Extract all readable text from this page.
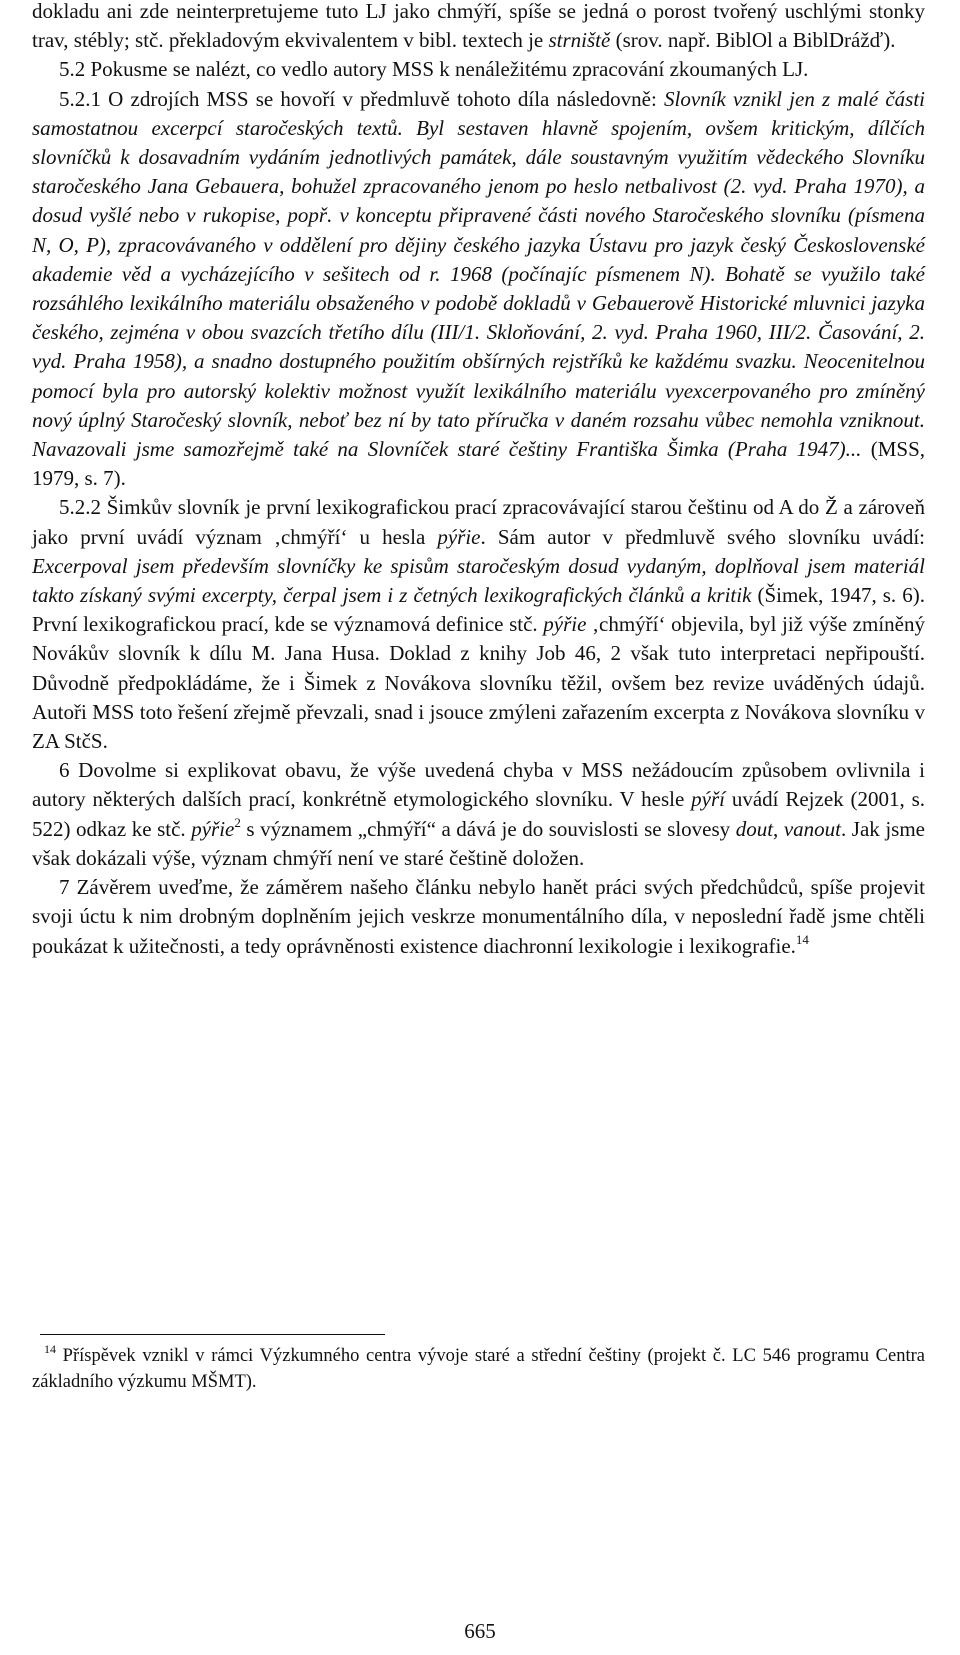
dokladu ani zde neinterpretujeme tuto LJ jako chmýří, spíše se jedná o porost tvořený uschlými stonky trav, stébly; stč. překladovým ekvivalentem v bibl. textech je strniště (srov. např. BiblOl a BiblDrážď).

5.2 Pokusme se nalézt, co vedlo autory MSS k nenáležitému zpracování zkoumaných LJ.

5.2.1 O zdrojích MSS se hovoří v předmluvě tohoto díla následovně: Slovník vznikl jen z malé části samostatnou excerpcí staročeských textů. Byl sestaven hlavně spojením, ovšem kritickým, dílčích slovníčků k dosavadním vydáním jednotlivých památek, dále soustavným využitím vědeckého Slovníku staročeského Jana Gebauera, bohužel zpracovaného jenom po heslo netbalivost (2. vyd. Praha 1970), a dosud vyšlé nebo v rukopise, popř. v konceptu připravené části nového Staročeského slovníku (písmena N, O, P), zpracovávaného v oddělení pro dějiny českého jazyka Ústavu pro jazyk český Československé akademie věd a vycházejícího v sešitech od r. 1968 (počínajíc písmenem N). Bohatě se využilo také rozsáhlého lexikálního materiálu obsaženého v podobě dokladů v Gebauerově Historické mluvnici jazyka českého, zejména v obou svazcích třetího dílu (III/1. Skloňování, 2. vyd. Praha 1960, III/2. Časování, 2. vyd. Praha 1958), a snadno dostupného použitím obšírných rejstříků ke každému svazku. Neocenitelnou pomocí byla pro autorský kolektiv možnost využít lexikálního materiálu vyexcerpovaného pro zmíněný nový úplný Staročeský slovník, neboť bez ní by tato příručka v daném rozsahu vůbec nemohla vzniknout. Navazovali jsme samozřejmě také na Slovníček staré češtiny Františka Šimka (Praha 1947)... (MSS, 1979, s. 7).

5.2.2 Šimkův slovník je první lexikografickou prací zpracovávající starou češtinu od A do Ž a zároveň jako první uvádí význam ‚chmýří‘ u hesla pýřie. Sám autor v předmluvě svého slovníku uvádí: Excerpoval jsem především slovníčky ke spisům staročeským dosud vydaným, doplňoval jsem materiál takto získaný svými excerpty, čerpal jsem i z četných lexikografických článků a kritik (Šimek, 1947, s. 6). První lexikografickou prací, kde se významová definice stč. pýřie ‚chmýří‘ objevila, byl již výše zmíněný Novákův slovník k dílu M. Jana Husa. Doklad z knihy Job 46, 2 však tuto interpretaci nepřipouští. Důvodně předpokládáme, že i Šimek z Novákova slovníku těžil, ovšem bez revize uváděných údajů. Autoři MSS toto řešení zřejmě převzali, snad i jsouce zmýleni zařazením excerpta z Novákova slovníku v ZA StčS.

6 Dovolme si explikovat obavu, že výše uvedená chyba v MSS nežádoucím způsobem ovlivnila i autory některých dalších prací, konkrétně etymologického slovníku. V hesle pýří uvádí Rejzek (2001, s. 522) odkaz ke stč. pýřie$^2$ s významem „chmýří“ a dává je do souvislosti se slovesy dout, vanout. Jak jsme však dokázali výše, význam chmýří není ve staré češtině doložen.

7 Závěrem uveďme, že záměrem našeho článku nebylo hanět práci svých předchůdců, spíše projevit svoji úctu k nim drobným doplněním jejich veskrze monumentálního díla, v neposlední řadě jsme chtěli poukázat k užitečnosti, a tedy oprávněnosti existence diachronní lexikologie i lexikografie.$^{14}$

$^{14}$ Příspěvek vznikl v rámci Výzkumného centra vývoje staré a střední češtiny (projekt č. LC 546 programu Centra základního výzkumu MŠMT).

665
